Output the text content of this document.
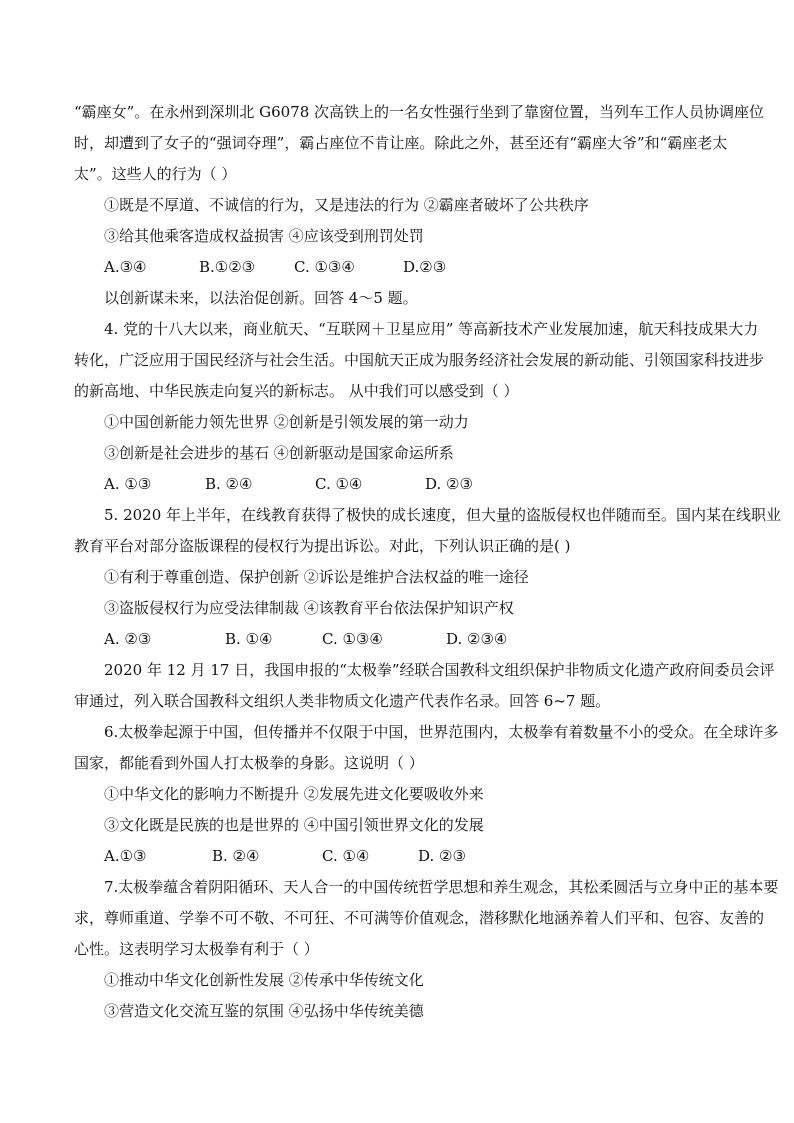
“霸座女”。在永州到深圳北 G6078 次高铁上的一名女性强行坐到了靠窗位置，当列车工作人员协调座位
时，却遭到了女子的“强词夺理”，霸占座位不肯让座。除此之外，甚至还有“霸座大爷”和“霸座老太
太”。这些人的行为（ ）
①既是不厚道、不诚信的行为，又是违法的行为 ②霸座者破坏了公共秩序
③给其他乘客造成权益损害 ④应该受到刑罚处罚
A.③④	B.①②③	C. ①③④	D.②③
以创新谋未来，以法治促创新。回答 4～5 题。
4. 党的十八大以来，商业航天、“互联网＋卫星应用” 等高新技术产业发展加速，航天科技成果大力
转化，广泛应用于国民经济与社会生活。中国航天正成为服务经济社会发展的新动能、引领国家科技进步
的新高地、中华民族走向复兴的新标志。 从中我们可以感受到（ ）
①中国创新能力领先世界 ②创新是引领发展的第一动力
③创新是社会进步的基石 ④创新驱动是国家命运所系
A. ①③	B. ②④	C. ①④	D. ②③
5. 2020 年上半年，在线教育获得了极快的成长速度，但大量的盗版侵权也伴随而至。国内某在线职业
教育平台对部分盗版课程的侵权行为提出诉讼。对此，下列认识正确的是( )
①有利于尊重创造、保护创新 ②诉讼是维护合法权益的唯一途径
③盗版侵权行为应受法律制裁 ④该教育平台依法保护知识产权
A. ②③	B. ①④	C. ①③④	D. ②③④
2020 年 12 月 17 日，我国申报的“太极拳”经联合国教科文组织保护非物质文化遗产政府间委员会评
审通过，列入联合国教科文组织人类非物质文化遗产代表作名录。回答 6~7 题。
6.太极拳起源于中国，但传播并不仅限于中国，世界范围内，太极拳有着数量不小的受众。在全球许多
国家，都能看到外国人打太极拳的身影。这说明（ ）
①中华文化的影响力不断提升 ②发展先进文化要吸收外来
③文化既是民族的也是世界的 ④中国引领世界文化的发展
A.①③	B. ②④	C. ①④	D. ②③
7.太极拳蕴含着阴阳循环、天人合一的中国传统哲学思想和养生观念，其松柔圆活与立身中正的基本要
求，尊师重道、学拳不可不敬、不可狂、不可满等价值观念，潜移默化地涵养着人们平和、包容、友善的
心性。这表明学习太极拳有利于（ ）
①推动中华文化创新性发展 ②传承中华传统文化
③营造文化交流互鉴的氛围 ④弘扬中华传统美德
